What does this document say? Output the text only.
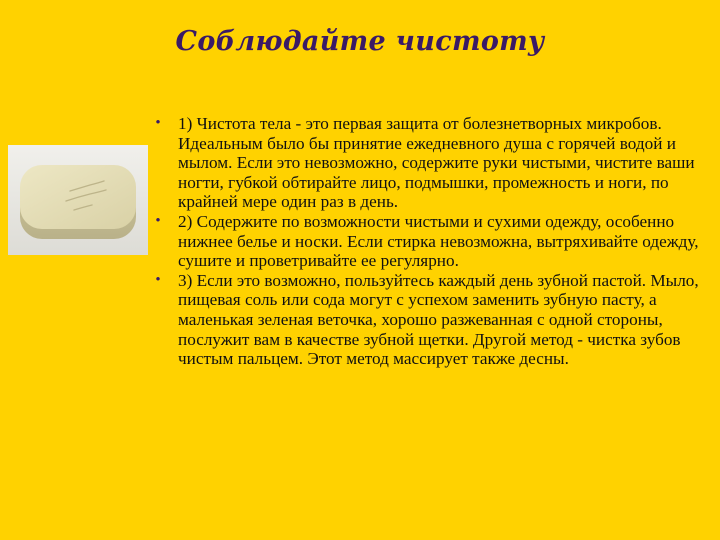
Соблюдайте чистоту
•	1) Чистота тела - это первая защита от болезнетворных микробов. Идеальным было бы принятие ежедневного душа с горячей водой и мылом. Если это невозможно, содержите руки чистыми, чистите ваши ногти, губкой обтирайте лицо, подмышки, промежность и ноги, по крайней мере один раз в день.
•	2) Содержите по возможности чистыми и сухими одежду, особенно нижнее белье и носки. Если стирка невозможна, вытряхивайте одежду, сушите и проветривайте ее регулярно.
•	3) Если это возможно, пользуйтесь каждый день зубной пастой. Мыло, пищевая соль или сода могут с успехом заменить зубную пасту, а маленькая зеленая веточка, хорошо разжеванная с одной стороны, послужит вам в качестве зубной щетки. Другой метод - чистка зубов чистым пальцем. Этот метод массирует также десны.
